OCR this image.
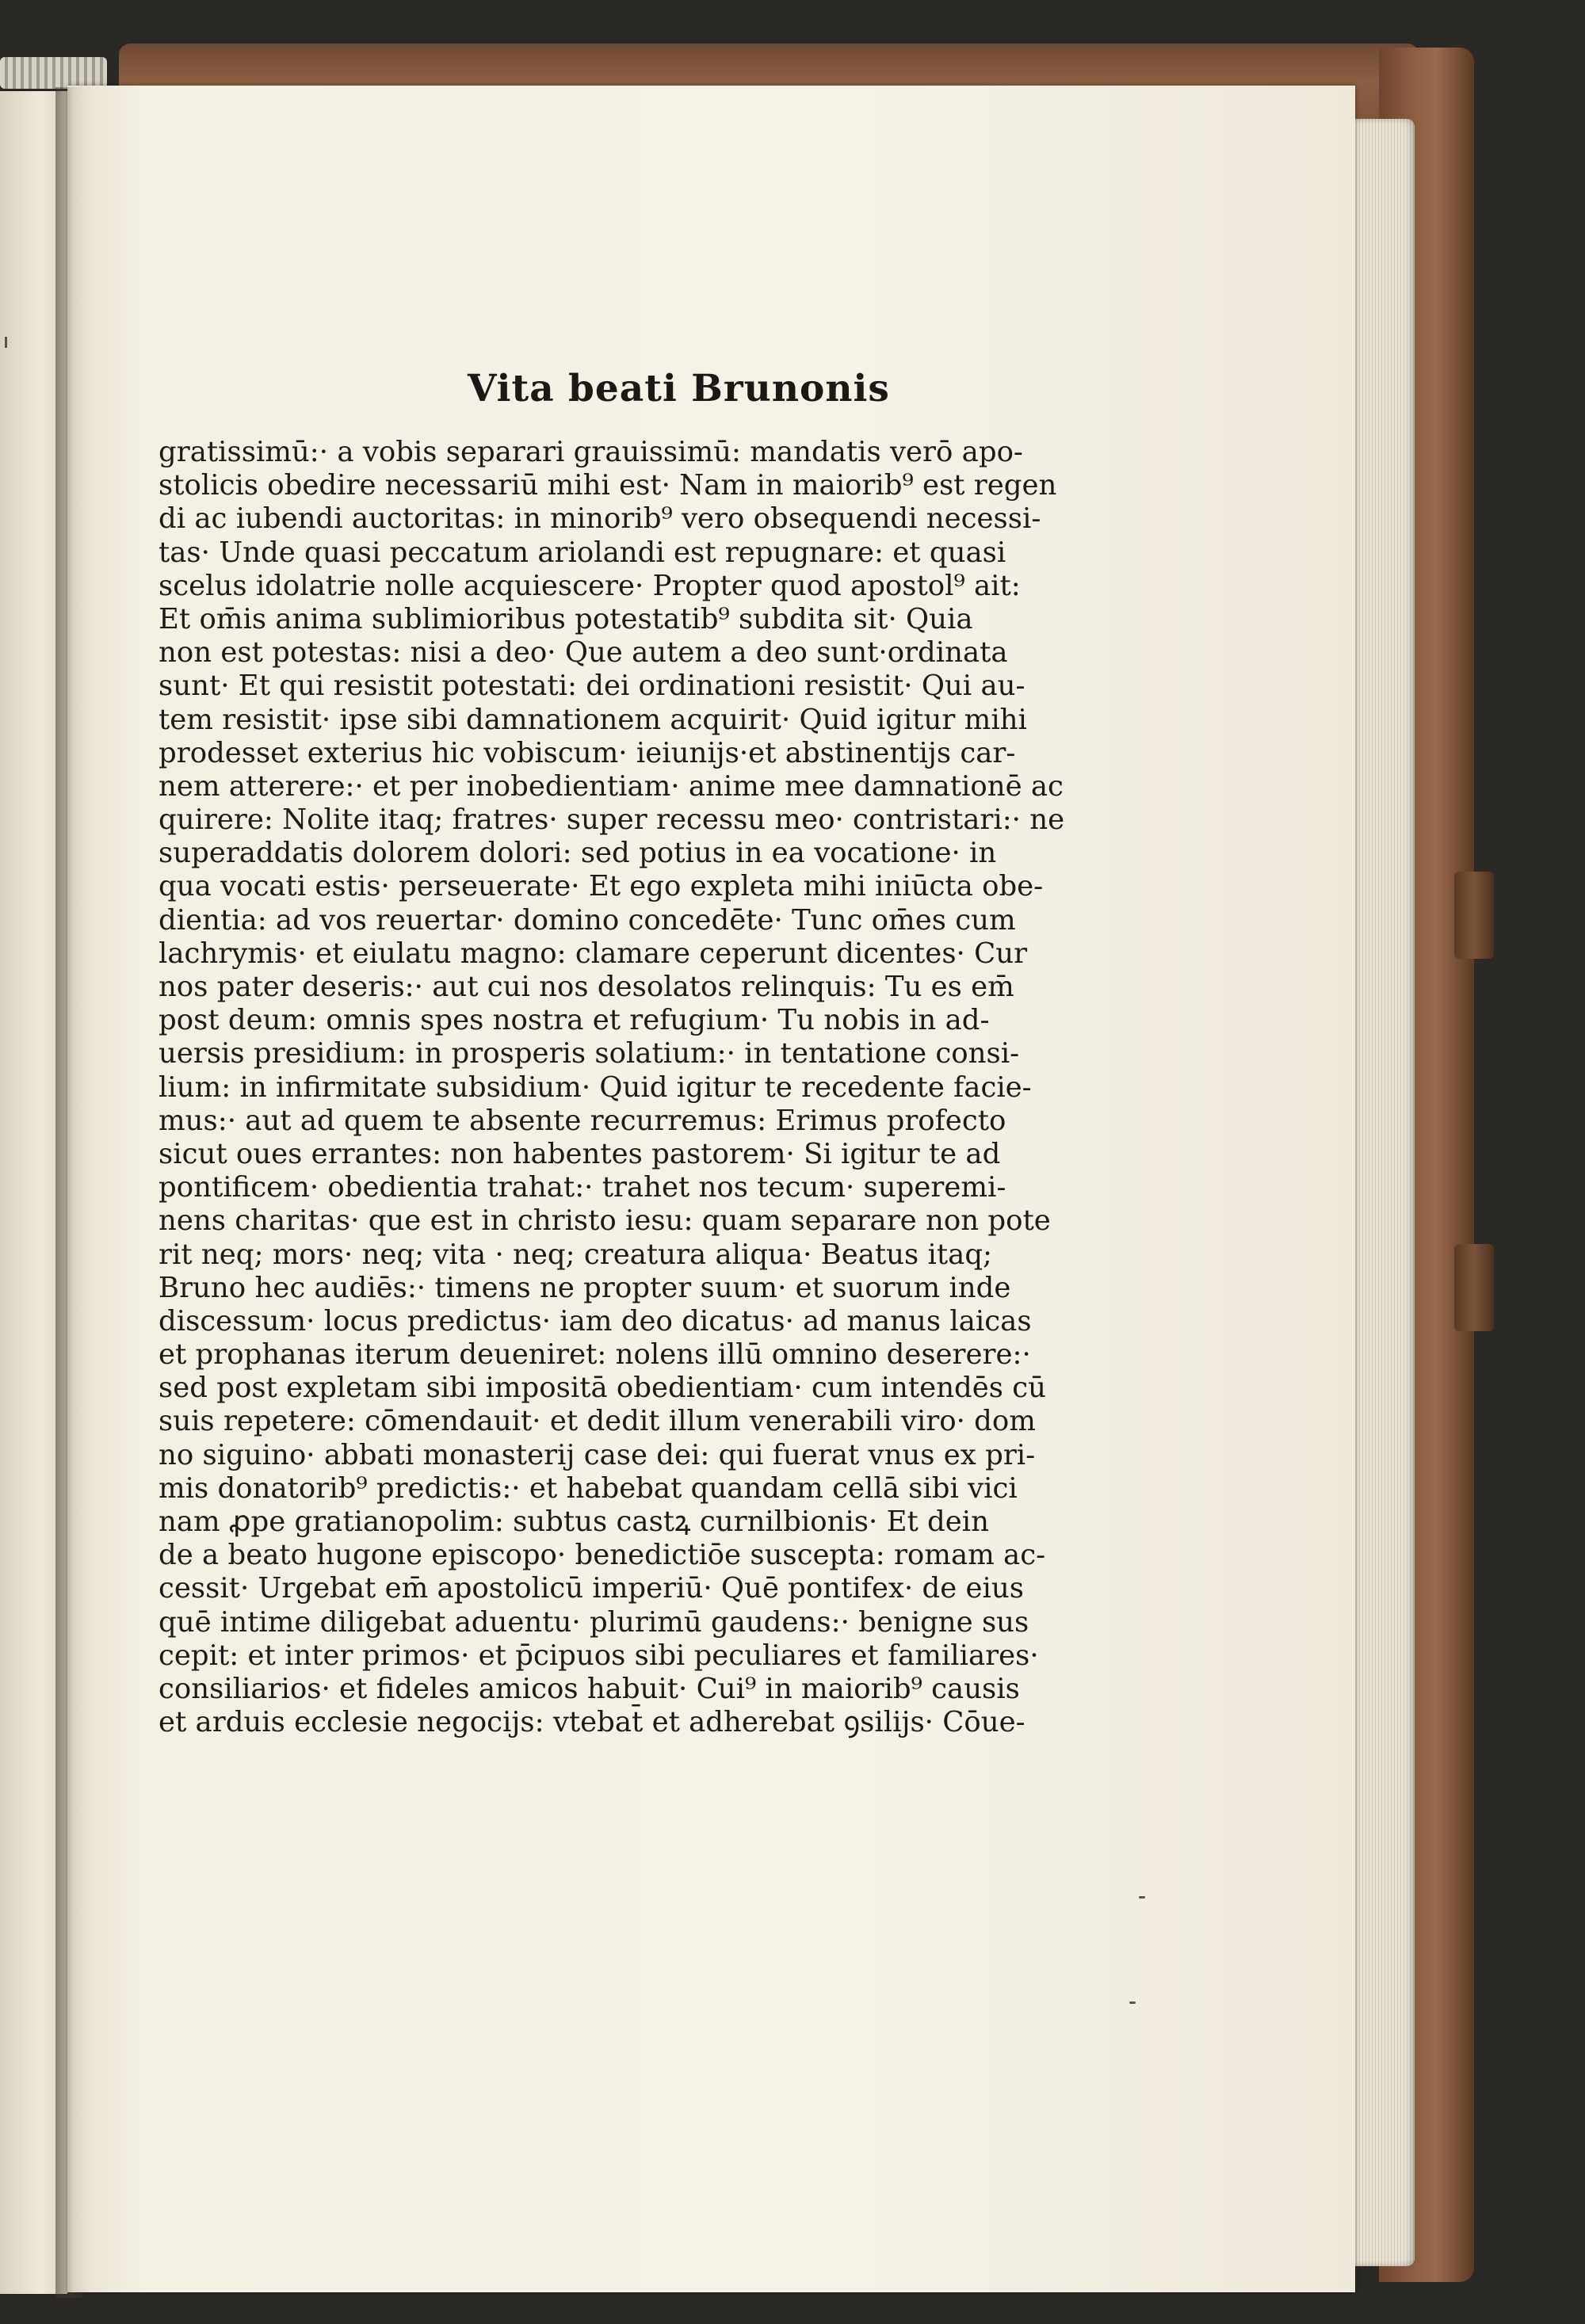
Vita beati Brunonis
gratissimū:· a vobis separari grauissimū: mandatis verō apo-
stolicis obedire necessariū mihi est· Nam in maiorib⁹ est regen
di ac iubendi auctoritas: in minorib⁹ vero obsequendi necessi-
tas· Unde quasi peccatum ariolandi est repugnare: et quasi
scelus idolatrie nolle acquiescere· Propter quod apostol⁹ ait:
Et om̄is anima sublimioribus potestatib⁹ subdita sit· Quia
non est potestas: nisi a deo· Que autem a deo sunt·ordinata
sunt· Et qui resistit potestati: dei ordinationi resistit· Qui au-
tem resistit· ipse sibi damnationem acquirit· Quid igitur mihi
prodesset exterius hic vobiscum· ieiunijs·et abstinentijs car-
nem atterere:· et per inobedientiam· anime mee damnationē ac
quirere: Nolite itaq; fratres· super recessu meo· contristari:· ne
superaddatis dolorem dolori: sed potius in ea vocatione· in
qua vocati estis· perseuerate· Et ego expleta mihi iniūcta obe-
dientia: ad vos reuertar· domino concedēte· Tunc om̄es cum
lachrymis· et eiulatu magno: clamare ceperunt dicentes· Cur
nos pater deseris:· aut cui nos desolatos relinquis: Tu es em̄
post deum: omnis spes nostra et refugium· Tu nobis in ad-
uersis presidium: in prosperis solatium:· in tentatione consi-
lium: in infirmitate subsidium· Quid igitur te recedente facie-
mus:· aut ad quem te absente recurremus: Erimus profecto
sicut oues errantes: non habentes pastorem· Si igitur te ad
pontificem· obedientia trahat:· trahet nos tecum· superemi-
nens charitas· que est in christo iesu: quam separare non pote
rit neq; mors· neq; vita · neq; creatura aliqua· Beatus itaq;
Bruno hec audiēs:· timens ne propter suum· et suorum inde
discessum· locus predictus· iam deo dicatus· ad manus laicas
et prophanas iterum deueniret: nolens illū omnino deserere:·
sed post expletam sibi impositā obedientiam· cum intendēs cū
suis repetere: cōmendauit· et dedit illum venerabili viro· dom
no siguino· abbati monasterij case dei: qui fuerat vnus ex pri-
mis donatorib⁹ predictis:· et habebat quandam cellā sibi vici
nam ꝓpe gratianopolim: subtus castꝝ curnilbionis· Et dein
de a beato hugone episcopo· benedictiōe suscepta: romam ac-
cessit· Urgebat em̄ apostolicū imperiū· Quē pontifex· de eius
quē intime diligebat aduentu· plurimū gaudens:· benigne sus
cepit: et inter primos· et p̄cipuos sibi peculiares et familiares·
consiliarios· et fideles amicos habuit· Cui⁹ in maiorib⁹ causis
et arduis ecclesie negocijs: vtebat̄ et adherebat ꝯsilijs· Cōue-
